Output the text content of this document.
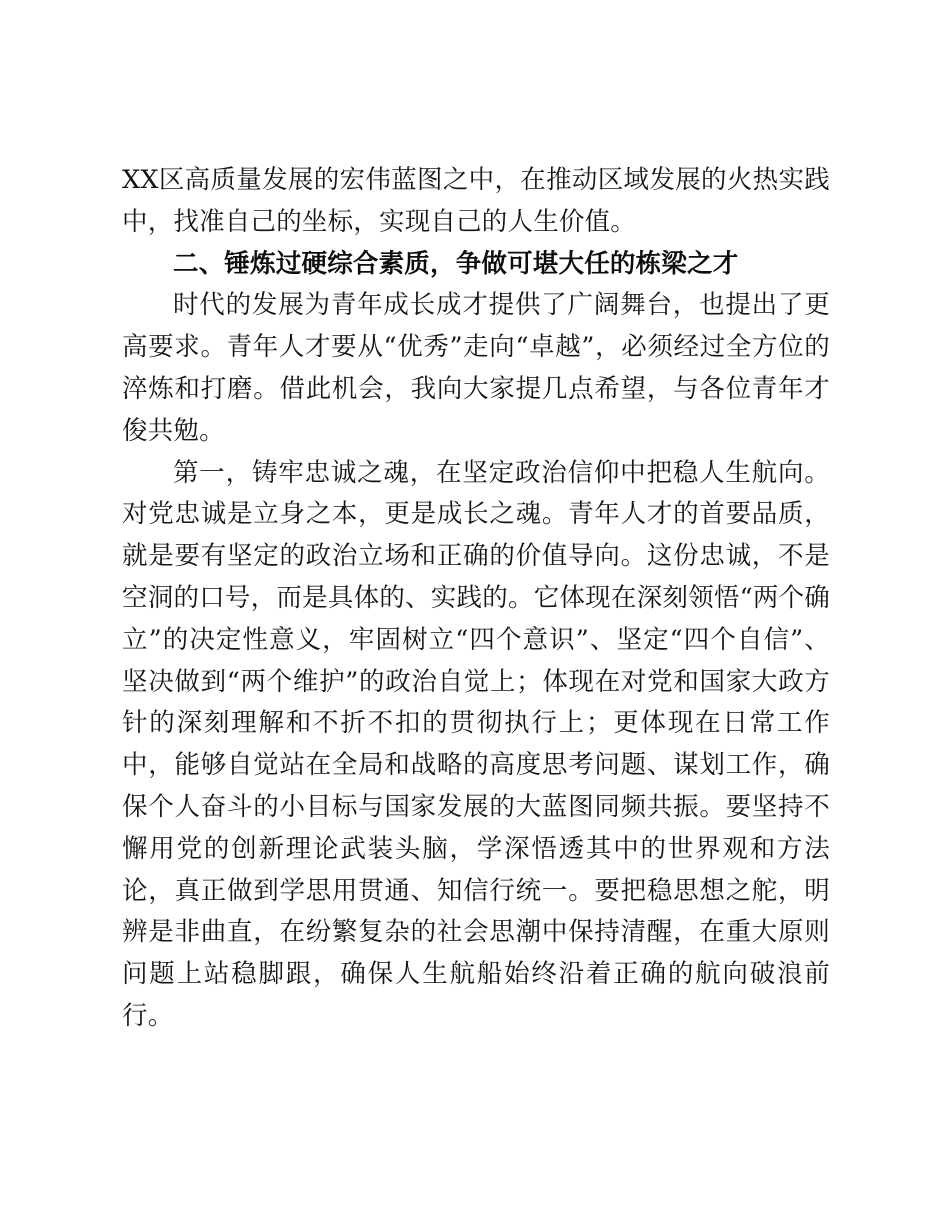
XX区高质量发展的宏伟蓝图之中，在推动区域发展的火热实践中，找准自己的坐标，实现自己的人生价值。

二、锤炼过硬综合素质，争做可堪大任的栋梁之才

时代的发展为青年成长成才提供了广阔舞台，也提出了更高要求。青年人才要从“优秀”走向“卓越”，必须经过全方位的淬炼和打磨。借此机会，我向大家提几点希望，与各位青年才俊共勉。

第一，铸牢忠诚之魂，在坚定政治信仰中把稳人生航向。对党忠诚是立身之本，更是成长之魂。青年人才的首要品质，就是要有坚定的政治立场和正确的价值导向。这份忠诚，不是空洞的口号，而是具体的、实践的。它体现在深刻领悟“两个确立”的决定性意义，牢固树立“四个意识”、坚定“四个自信”、坚决做到“两个维护”的政治自觉上；体现在对党和国家大政方针的深刻理解和不折不扣的贯彻执行上；更体现在日常工作中，能够自觉站在全局和战略的高度思考问题、谋划工作，确保个人奋斗的小目标与国家发展的大蓝图同频共振。要坚持不懈用党的创新理论武装头脑，学深悟透其中的世界观和方法论，真正做到学思用贯通、知信行统一。要把稳思想之舵，明辨是非曲直，在纷繁复杂的社会思潮中保持清醒，在重大原则问题上站稳脚跟，确保人生航船始终沿着正确的航向破浪前行。
